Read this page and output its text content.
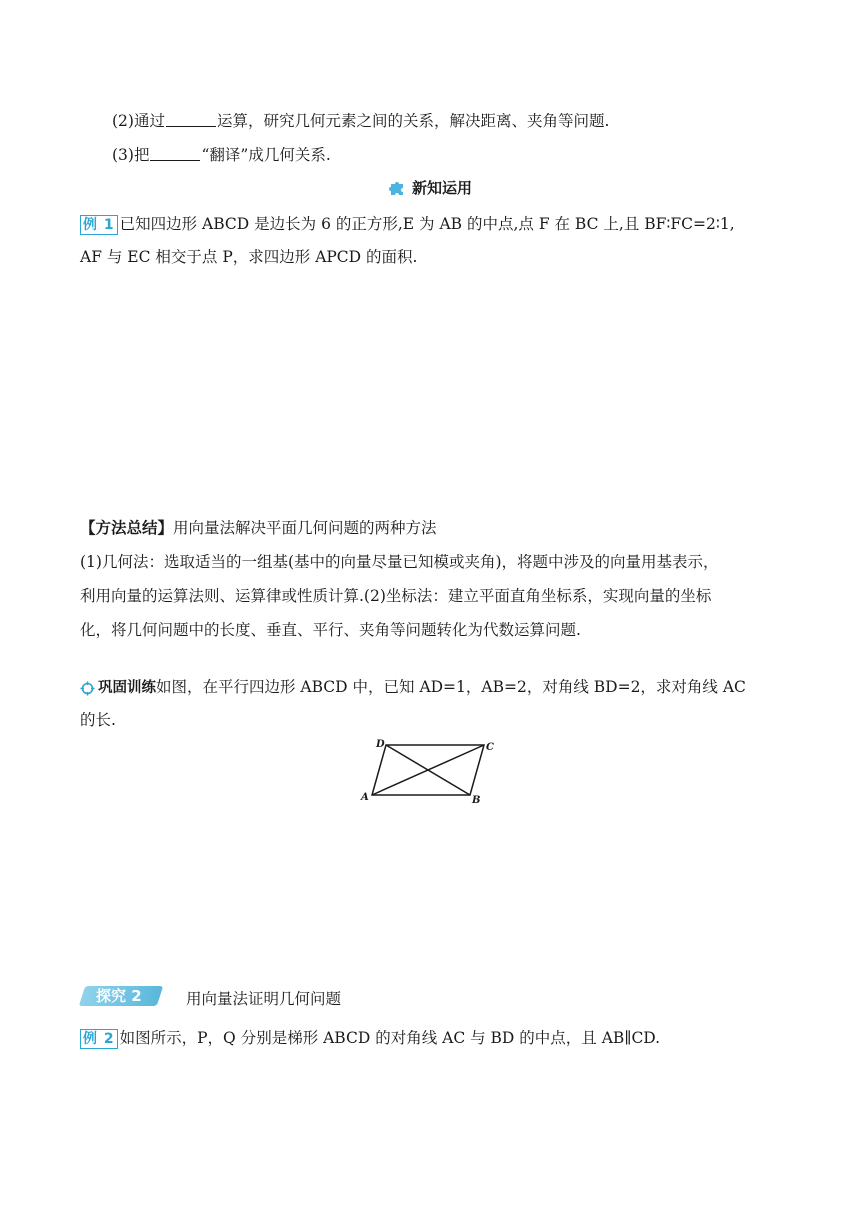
(2)通过	运算，研究几何元素之间的关系，解决距离、夹角等问题.
(3)把	“翻译”成几何关系.
新知运用
例 1 已知四边形 ABCD 是边长为 6 的正方形,E 为 AB 的中点,点 F 在 BC 上,且 BF∶FC=2∶1,
AF 与 EC 相交于点 P，求四边形 APCD 的面积.
【方法总结】用向量法解决平面几何问题的两种方法
(1)几何法：选取适当的一组基(基中的向量尽量已知模或夹角)，将题中涉及的向量用基表示，
利用向量的运算法则、运算律或性质计算.(2)坐标法：建立平面直角坐标系，实现向量的坐标
化，将几何问题中的长度、垂直、平行、夹角等问题转化为代数运算问题.
巩固训练如图，在平行四边形 ABCD 中，已知 AD=1，AB=2，对角线 BD=2，求对角线 AC
的长.
A	B
C
D
探究 2	用向量法证明几何问题
例 2 如图所示，P，Q 分别是梯形 ABCD 的对角线 AC 与 BD 的中点，且 AB∥CD.
